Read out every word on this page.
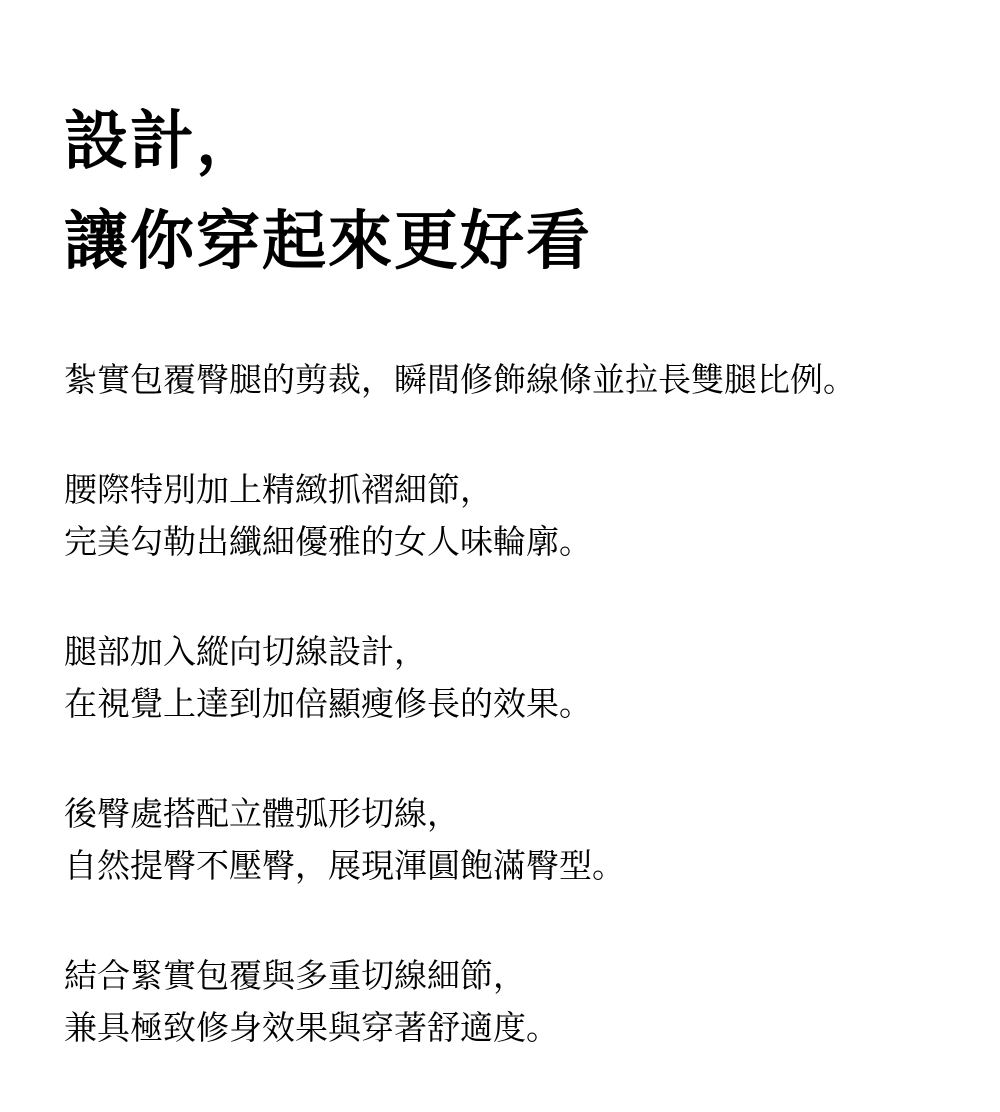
設計，
讓你穿起來更好看

紮實包覆臀腿的剪裁，瞬間修飾線條並拉長雙腿比例。

腰際特別加上精緻抓褶細節，
完美勾勒出纖細優雅的女人味輪廓。

腿部加入縱向切線設計，
在視覺上達到加倍顯瘦修長的效果。

後臀處搭配立體弧形切線，
自然提臀不壓臀，展現渾圓飽滿臀型。

結合緊實包覆與多重切線細節，
兼具極致修身效果與穿著舒適度。
